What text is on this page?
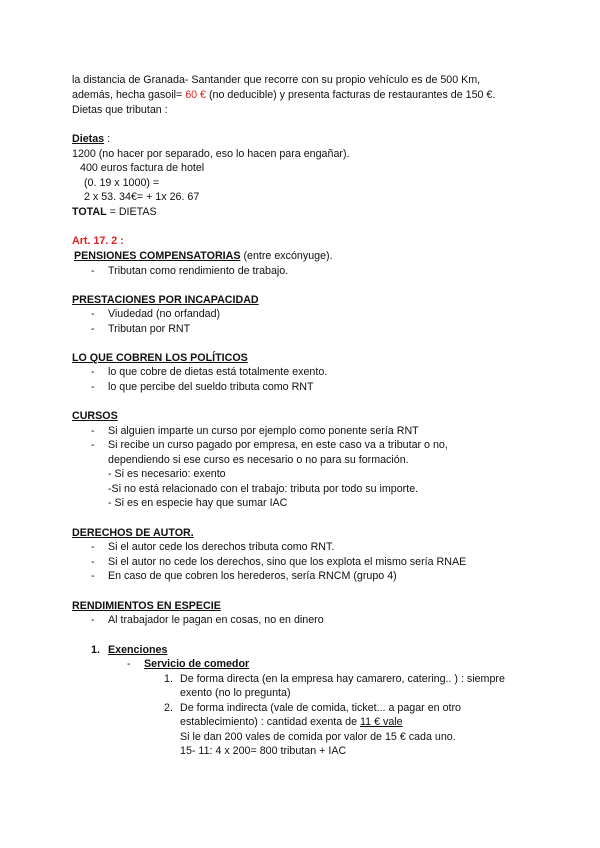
la distancia de Granada- Santander que recorre con su propio vehículo es de 500 Km,
además, hecha gasoil= 60 € (no deducible) y presenta facturas de restaurantes de 150 €.
Dietas que tributan :
Dietas :
1200 (no hacer por separado, eso lo hacen para engañar).
400 euros factura de hotel
(0. 19 x 1000) =
2 x 53. 34€= + 1x 26. 67
TOTAL = DIETAS
Art. 17. 2 :
PENSIONES COMPENSATORIAS (entre excónyuge).
- Tributan como rendimiento de trabajo.
PRESTACIONES POR INCAPACIDAD
- Viudedad (no orfandad)
- Tributan por RNT
LO QUE COBREN LOS POLÍTICOS
- lo que cobre de dietas está totalmente exento.
- lo que percibe del sueldo tributa como RNT
CURSOS
- Si alguien imparte un curso por ejemplo como ponente sería RNT
- Si recibe un curso pagado por empresa, en este caso va a tributar o no,
dependiendo si ese curso es necesario o no para su formación.
- Si es necesario: exento
-Si no está relacionado con el trabajo: tributa por todo su importe.
- Si es en especie hay que sumar IAC
DERECHOS DE AUTOR.
- Si el autor cede los derechos tributa como RNT.
- Si el autor no cede los derechos, sino que los explota el mismo sería RNAE
- En caso de que cobren los herederos, sería RNCM (grupo 4)
RENDIMIENTOS EN ESPECIE
- Al trabajador le pagan en cosas, no en dinero
1. Exenciones
- Servicio de comedor
1. De forma directa (en la empresa hay camarero, catering.. ) : siempre
exento (no lo pregunta)
2. De forma indirecta (vale de comida, ticket... a pagar en otro
establecimiento) : cantidad exenta de 11 € vale
Si le dan 200 vales de comida por valor de 15 € cada uno.
15- 11: 4 x 200= 800 tributan + IAC
